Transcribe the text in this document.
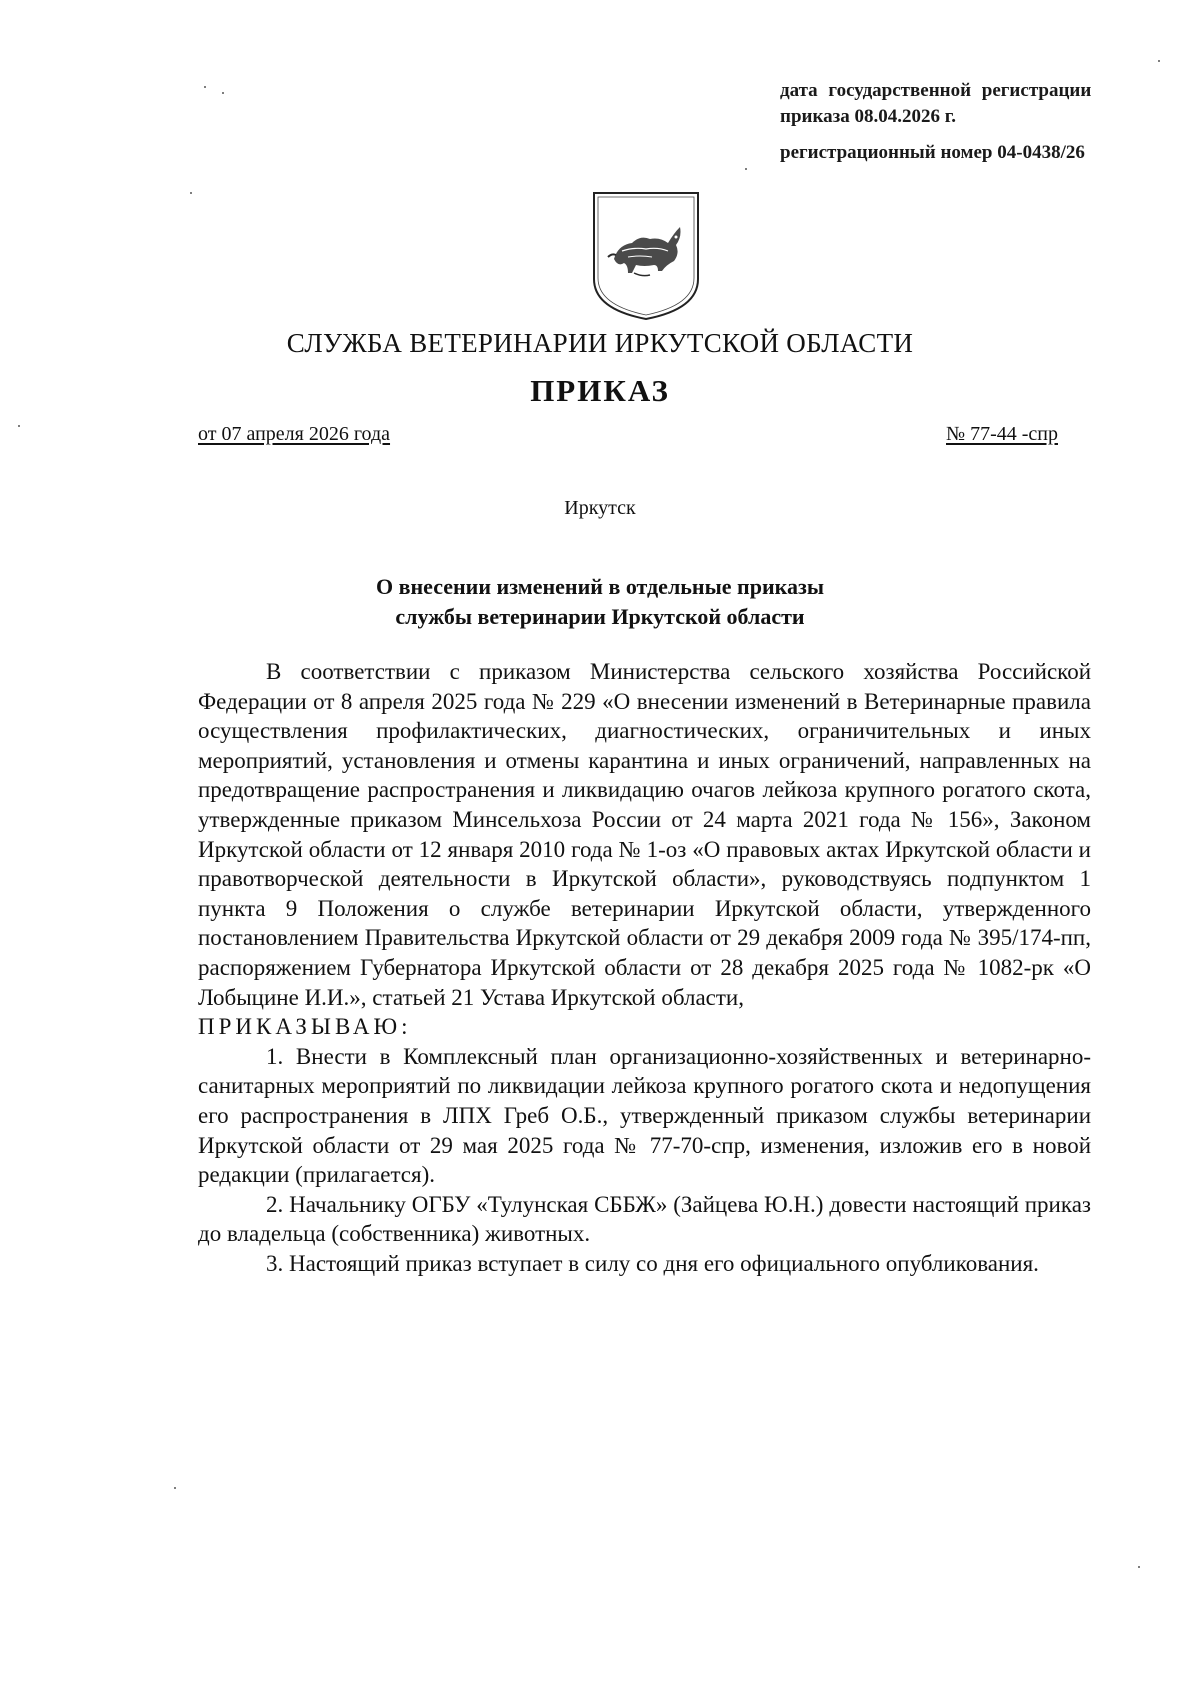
дата государственной регистрации
приказа 08.04.2026 г.
регистрационный номер 04-0438/26
СЛУЖБА ВЕТЕРИНАРИИ ИРКУТСКОЙ ОБЛАСТИ
ПРИКАЗ
от 07 апреля 2026 года	№ 77-44 -спр
Иркутск
О внесении изменений в отдельные приказы
службы ветеринарии Иркутской области

В соответствии с приказом Министерства сельского хозяйства Российской Федерации от 8 апреля 2025 года № 229 «О внесении изменений в Ветеринарные правила осуществления профилактических, диагностических, ограничительных и иных мероприятий, установления и отмены карантина и иных ограничений, направленных на предотвращение распространения и ликвидацию очагов лейкоза крупного рогатого скота, утвержденные приказом Минсельхоза России от 24 марта 2021 года № 156», Законом Иркутской области от 12 января 2010 года № 1-оз «О правовых актах Иркутской области и правотворческой деятельности в Иркутской области», руководствуясь подпунктом 1 пункта 9 Положения о службе ветеринарии Иркутской области, утвержденного постановлением Правительства Иркутской области от 29 декабря 2009 года № 395/174-пп, распоряжением Губернатора Иркутской области от 28 декабря 2025 года № 1082-рк «О Лобыцине И.И.», статьей 21 Устава Иркутской области,

ПРИКАЗЫВАЮ:

1. Внести в Комплексный план организационно-хозяйственных и ветеринарно-санитарных мероприятий по ликвидации лейкоза крупного рогатого скота и недопущения его распространения в ЛПХ Греб О.Б., утвержденный приказом службы ветеринарии Иркутской области от 29 мая 2025 года № 77-70-спр, изменения, изложив его в новой редакции (прилагается).

2. Начальнику ОГБУ «Тулунская СББЖ» (Зайцева Ю.Н.) довести настоящий приказ до владельца (собственника) животных.

3. Настоящий приказ вступает в силу со дня его официального опубликования.
